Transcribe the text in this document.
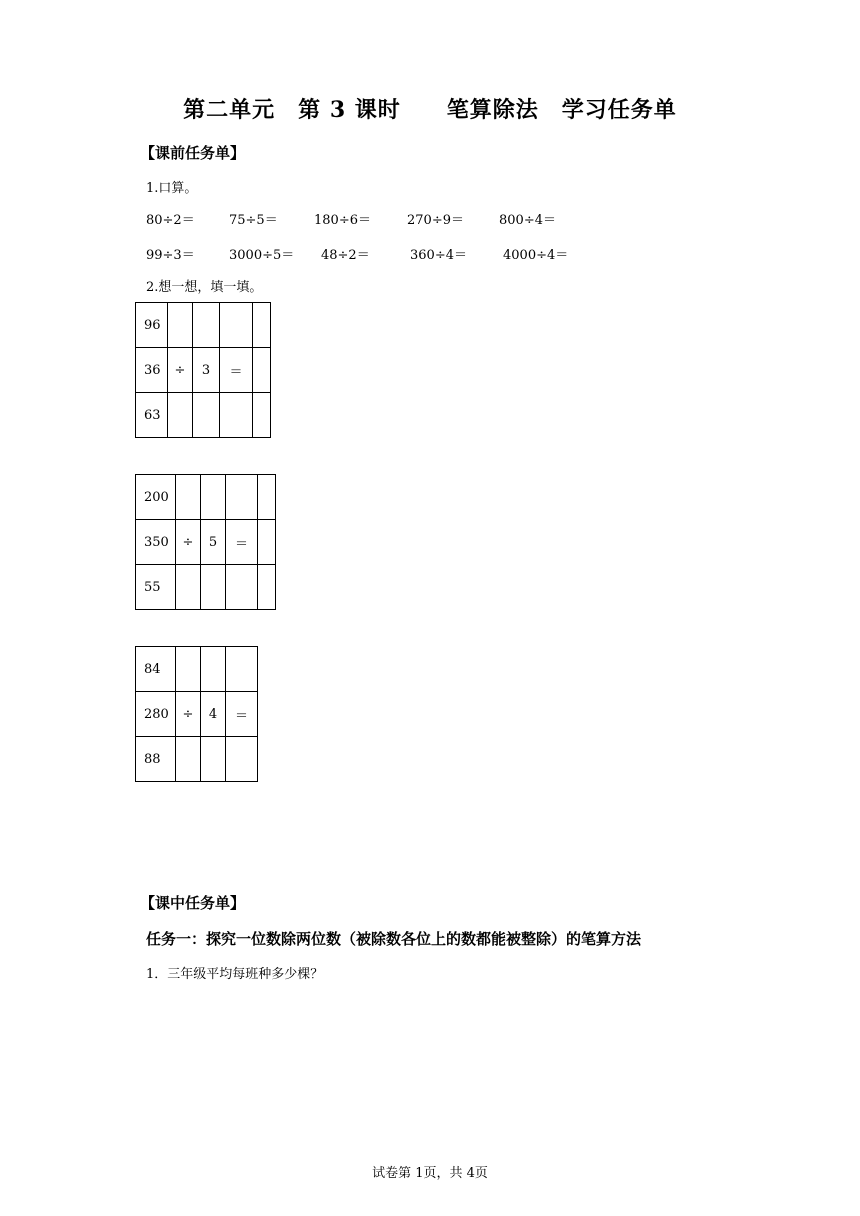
第二单元　第 3 课时　　笔算除法　学习任务单
【课前任务单】
1.口算。
80÷2＝	75÷5＝	180÷6＝	270÷9＝	800÷4＝
99÷3＝	3000÷5＝ 48÷2＝	360÷4＝	4000÷4＝
2.想一想，填一填。
96				
36	÷	3	＝	
63				
200				
350	÷	5	＝	
55				
84			
280	÷	4	＝
88			
【课中任务单】
任务一：探究一位数除两位数（被除数各位上的数都能被整除）的笔算方法
1．三年级平均每班种多少棵？
试卷第 1页，共 4页
